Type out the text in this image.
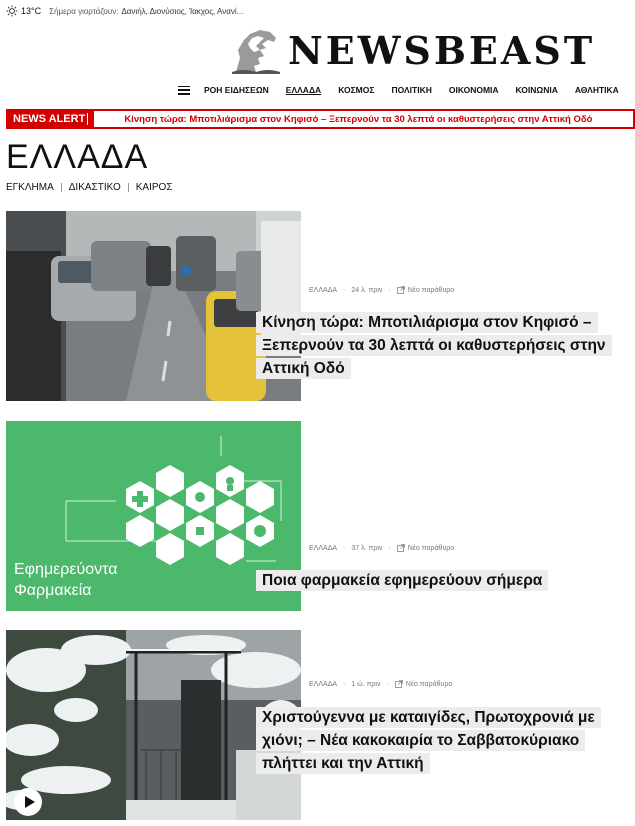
13°C Σήμερα γιορτάζουν: Δανιήλ, Διονύσιος, Ίακχος, Ανανί...
NEWSBEAST
ΡΟΗ ΕΙΔΗΣΕΩΝ ΕΛΛΑΔΑ ΚΟΣΜΟΣ ΠΟΛΙΤΙΚΗ ΟΙΚΟΝΟΜΙΑ ΚΟΙΝΩΝΙΑ ΑΘΛΗΤΙΚΑ
NEWS ALERT	Κίνηση τώρα: Μποτιλιάρισμα στον Κηφισό – Ξεπερνούν τα 30 λεπτά οι καθυστερήσεις στην Αττική Οδό
ΕΛΛΑΔΑ
ΕΓΚΛΗΜΑ ΔΙΚΑΣΤΙΚΟ ΚΑΙΡΟΣ
ΕΛΛΑΔΑ · 24 λ. πριν · Νέο παράθυρο
Κίνηση τώρα: Μποτιλιάρισμα στον Κηφισό – Ξεπερνούν τα 30 λεπτά οι καθυστερήσεις στην Αττική Οδό
Εφημερεύοντα
Φαρμακεία
ΕΛΛΑΔΑ · 37 λ. πριν · Νέο παράθυρο
Ποια φαρμακεία εφημερεύουν σήμερα
ΕΛΛΑΔΑ · 1 ώ. πριν · Νέο παράθυρο
Χριστούγεννα με καταιγίδες, Πρωτοχρονιά με χιόνι; – Νέα κακοκαιρία το Σαββατοκύριακο πλήττει και την Αττική
